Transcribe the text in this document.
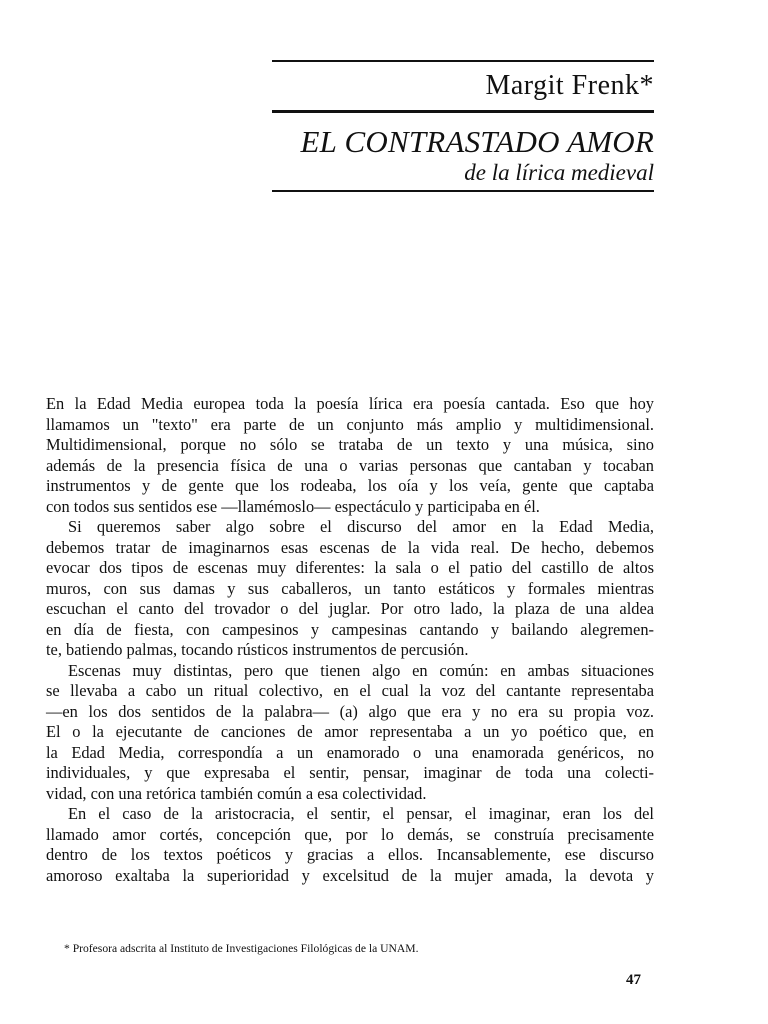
Margit Frenk*
EL CONTRASTADO AMOR
de la lírica medieval
En la Edad Media europea toda la poesía lírica era poesía cantada. Eso que hoy
llamamos un "texto" era parte de un conjunto más amplio y multidimensional.
Multidimensional, porque no sólo se trataba de un texto y una música, sino
además de la presencia física de una o varias personas que cantaban y tocaban
instrumentos y de gente que los rodeaba, los oía y los veía, gente que captaba
con todos sus sentidos ese —llamémoslo— espectáculo y participaba en él.
Si queremos saber algo sobre el discurso del amor en la Edad Media,
debemos tratar de imaginarnos esas escenas de la vida real. De hecho, debemos
evocar dos tipos de escenas muy diferentes: la sala o el patio del castillo de altos
muros, con sus damas y sus caballeros, un tanto estáticos y formales mientras
escuchan el canto del trovador o del juglar. Por otro lado, la plaza de una aldea
en día de fiesta, con campesinos y campesinas cantando y bailando alegremen-
te, batiendo palmas, tocando rústicos instrumentos de percusión.
Escenas muy distintas, pero que tienen algo en común: en ambas situaciones
se llevaba a cabo un ritual colectivo, en el cual la voz del cantante representaba
—en los dos sentidos de la palabra— (a) algo que era y no era su propia voz.
El o la ejecutante de canciones de amor representaba a un yo poético que, en
la Edad Media, correspondía a un enamorado o una enamorada genéricos, no
individuales, y que expresaba el sentir, pensar, imaginar de toda una colecti-
vidad, con una retórica también común a esa colectividad.
En el caso de la aristocracia, el sentir, el pensar, el imaginar, eran los del
llamado amor cortés, concepción que, por lo demás, se construía precisamente
dentro de los textos poéticos y gracias a ellos. Incansablemente, ese discurso
amoroso exaltaba la superioridad y excelsitud de la mujer amada, la devota y
* Profesora adscrita al Instituto de Investigaciones Filológicas de la UNAM.
47
